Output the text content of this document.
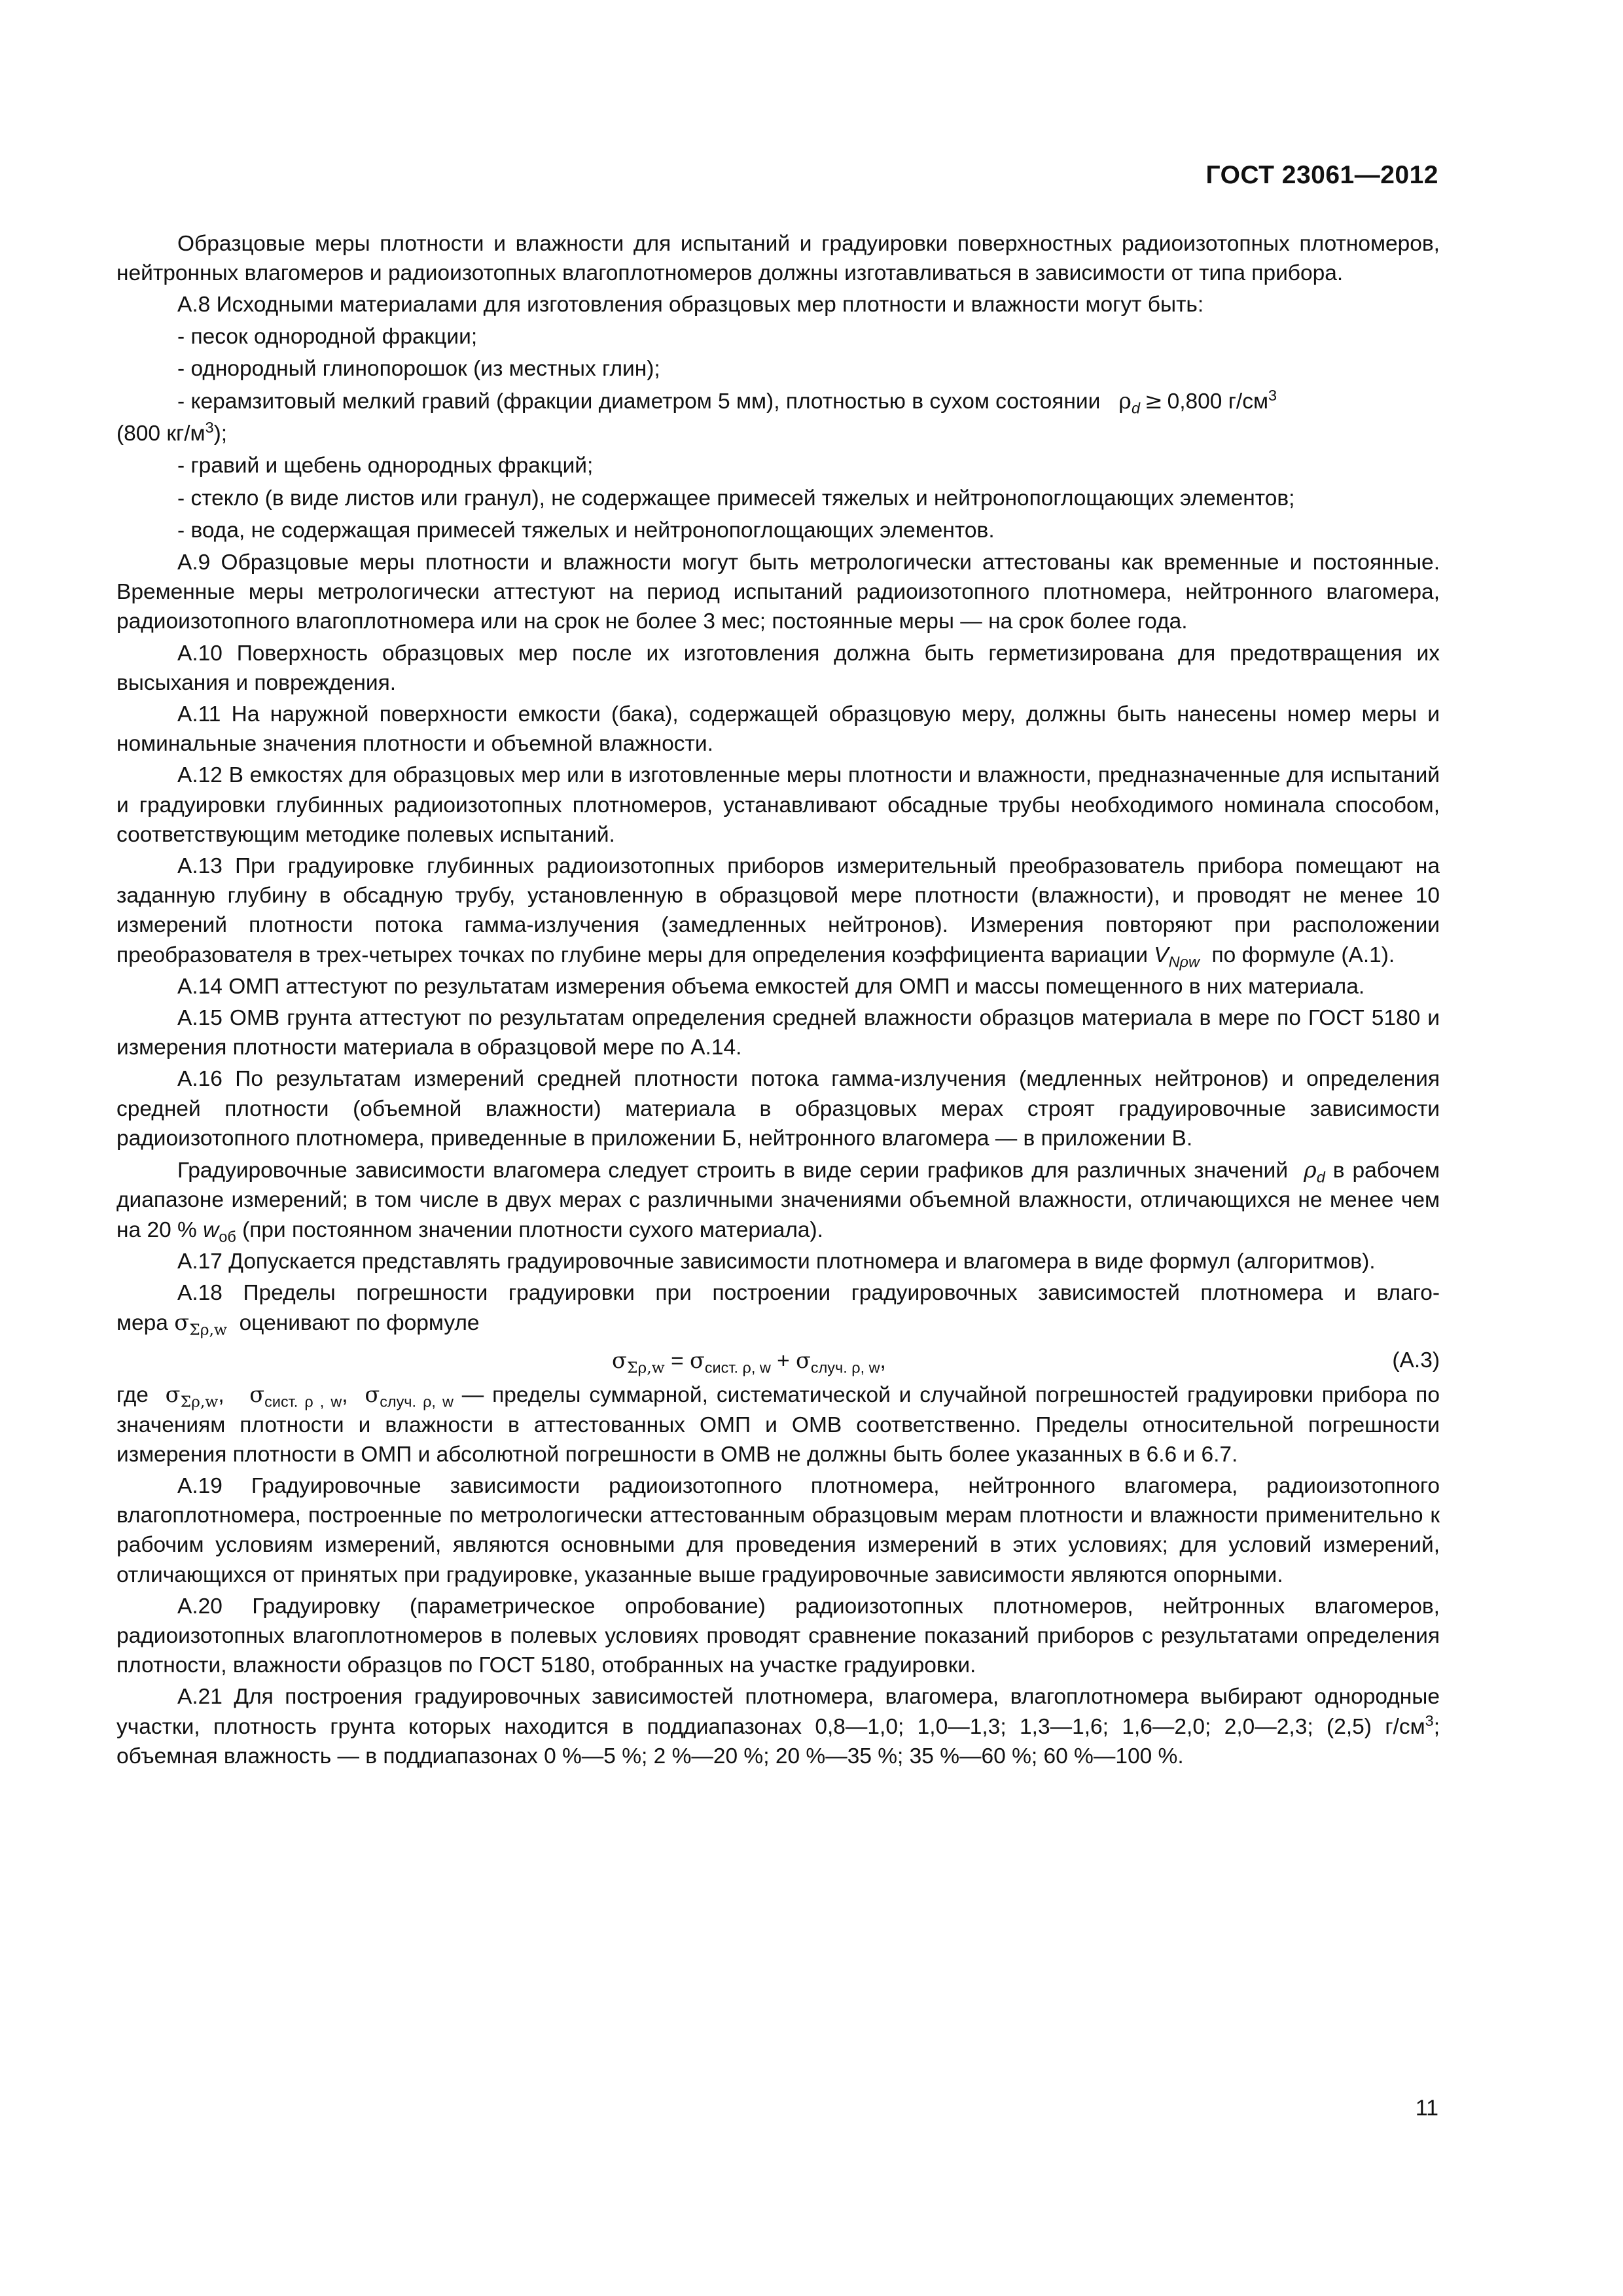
ГОСТ 23061—2012

Образцовые меры плотности и влажности для испытаний и градуировки поверхностных радиоизотопных плотномеров, нейтронных влагомеров и радиоизотопных влагоплотномеров должны изготавливаться в зависимости от типа прибора.

А.8 Исходными материалами для изготовления образцовых мер плотности и влажности могут быть:

- песок однородной фракции;

- однородный глинопорошок (из местных глин);

- керамзитовый мелкий гравий (фракции диаметром 5 мм), плотностью в сухом состоянии $\rho_d \ge 0,800$ $г/см^3$

(800 $кг/м^3$);

- гравий и щебень однородных фракций;

- стекло (в виде листов или гранул), не содержащее примесей тяжелых и нейтронопоглощающих элементов;

- вода, не содержащая примесей тяжелых и нейтронопоглощающих элементов.

А.9 Образцовые меры плотности и влажности могут быть метрологически аттестованы как временные и постоянные. Временные меры метрологически аттестуют на период испытаний радиоизотопного плотномера, нейтронного влагомера, радиоизотопного влагоплотномера или на срок не более 3 мес; постоянные меры — на срок более года.

А.10 Поверхность образцовых мер после их изготовления должна быть герметизирована для предотвращения их высыхания и повреждения.

А.11 На наружной поверхности емкости (бака), содержащей образцовую меру, должны быть нанесены номер меры и номинальные значения плотности и объемной влажности.

А.12 В емкостях для образцовых мер или в изготовленные меры плотности и влажности, предназначенные для испытаний и градуировки глубинных радиоизотопных плотномеров, устанавливают обсадные трубы необходимого номинала способом, соответствующим методике полевых испытаний.

А.13 При градуировке глубинных радиоизотопных приборов измерительный преобразователь прибора помещают на заданную глубину в обсадную трубу, установленную в образцовой мере плотности (влажности), и проводят не менее 10 измерений плотности потока гамма-излучения (замедленных нейтронов). Измерения повторяют при расположении преобразователя в трех-четырех точках по глубине меры для определения коэффициента вариации $V_{N\rho w}$ по формуле (А.1).

А.14 ОМП аттестуют по результатам измерения объема емкостей для ОМП и массы помещенного в них материала.

А.15 ОМВ грунта аттестуют по результатам определения средней влажности образцов материала в мере по ГОСТ 5180 и измерения плотности материала в образцовой мере по А.14.

А.16 По результатам измерений средней плотности потока гамма-излучения (медленных нейтронов) и определения средней плотности (объемной влажности) материала в образцовых мерах строят градуировочные зависимости радиоизотопного плотномера, приведенные в приложении Б, нейтронного влагомера — в приложении В.

Градуировочные зависимости влагомера следует строить в виде серии графиков для различных значений $\rho_d$ в рабочем диапазоне измерений; в том числе в двух мерах с различными значениями объемной влажности, отличающихся не менее чем на 20 % $w_{об}$ (при постоянном значении плотности сухого материала).

А.17 Допускается представлять градуировочные зависимости плотномера и влагомера в виде формул (алгоритмов).

А.18 Пределы погрешности градуировки при построении градуировочных зависимостей плотномера и влагомера $\sigma_{\Sigma\rho,w}$ оценивают по формуле

$\sigma_{\Sigma\rho,w} = \sigma_{сист. \rho, w} + \sigma_{случ. \rho, w}$,	(А.3)

где $\sigma_{\Sigma\rho,w}$, $\sigma_{сист. \rho , w}$, $\sigma_{случ. \rho, w}$ — пределы суммарной, систематической и случайной погрешностей градуировки прибора по значениям плотности и влажности в аттестованных ОМП и ОМВ соответственно. Пределы относительной погрешности измерения плотности в ОМП и абсолютной погрешности в ОМВ не должны быть более указанных в 6.6 и 6.7.

А.19 Градуировочные зависимости радиоизотопного плотномера, нейтронного влагомера, радиоизотопного влагоплотномера, построенные по метрологически аттестованным образцовым мерам плотности и влажности применительно к рабочим условиям измерений, являются основными для проведения измерений в этих условиях; для условий измерений, отличающихся от принятых при градуировке, указанные выше градуировочные зависимости являются опорными.

А.20 Градуировку (параметрическое опробование) радиоизотопных плотномеров, нейтронных влагомеров, радиоизотопных влагоплотномеров в полевых условиях проводят сравнение показаний приборов с результатами определения плотности, влажности образцов по ГОСТ 5180, отобранных на участке градуировки.

А.21 Для построения градуировочных зависимостей плотномера, влагомера, влагоплотномера выбирают однородные участки, плотность грунта которых находится в поддиапазонах 0,8—1,0; 1,0—1,3; 1,3—1,6; 1,6—2,0; 2,0—2,3; (2,5) $г/см^3$; объемная влажность — в поддиапазонах 0 %—5 %; 2 %—20 %; 20 %—35 %; 35 %—60 %; 60 %—100 %.

11
